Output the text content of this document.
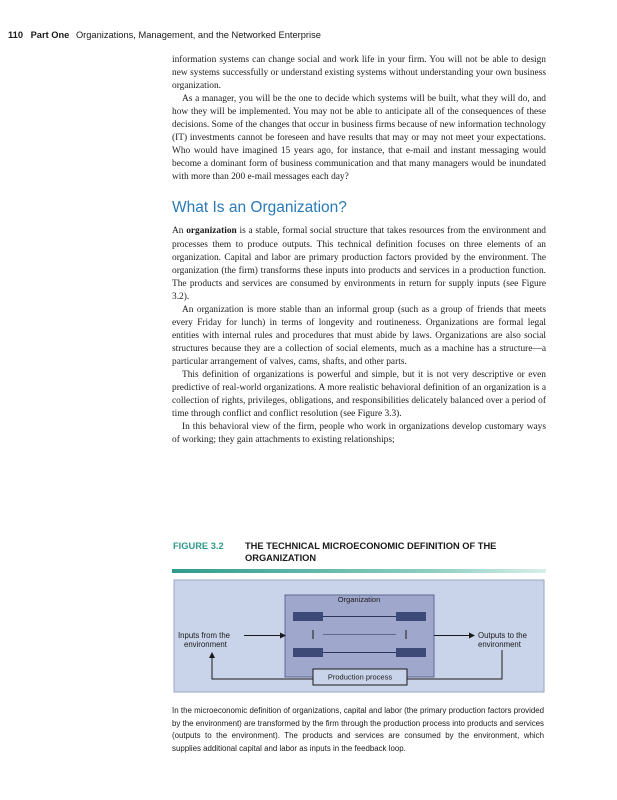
110 Part One Organizations, Management, and the Networked Enterprise

information systems can change social and work life in your firm. You will not be able to design new systems successfully or understand existing systems without understanding your own business organization.

As a manager, you will be the one to decide which systems will be built, what they will do, and how they will be implemented. You may not be able to anticipate all of the consequences of these decisions. Some of the changes that occur in business firms because of new information technology (IT) investments cannot be foreseen and have results that may or may not meet your expectations. Who would have imagined 15 years ago, for instance, that e-mail and instant messaging would become a dominant form of business communication and that many managers would be inundated with more than 200 e-mail messages each day?

What Is an Organization?

An organization is a stable, formal social structure that takes resources from the environment and processes them to produce outputs. This technical definition focuses on three elements of an organization. Capital and labor are primary production factors provided by the environment. The organization (the firm) transforms these inputs into products and services in a production function. The products and services are consumed by environments in return for supply inputs (see Figure 3.2).

An organization is more stable than an informal group (such as a group of friends that meets every Friday for lunch) in terms of longevity and routineness. Organizations are formal legal entities with internal rules and procedures that must abide by laws. Organizations are also social structures because they are a collection of social elements, much as a machine has a structure—a particular arrangement of valves, cams, shafts, and other parts.

This definition of organizations is powerful and simple, but it is not very descriptive or even predictive of real-world organizations. A more realistic behavioral definition of an organization is a collection of rights, privileges, obligations, and responsibilities delicately balanced over a period of time through conflict and conflict resolution (see Figure 3.3).

In this behavioral view of the firm, people who work in organizations develop customary ways of working; they gain attachments to existing relationships;

FIGURE 3.2 THE TECHNICAL MICROECONOMIC DEFINITION OF THE ORGANIZATION
Organization
Inputs from the
environment
Outputs to the
environment
Production process
In the microeconomic definition of organizations, capital and labor (the primary production factors provided by the environment) are transformed by the firm through the production process into products and services (outputs to the environment). The products and services are consumed by the environment, which supplies additional capital and labor as inputs in the feedback loop.
